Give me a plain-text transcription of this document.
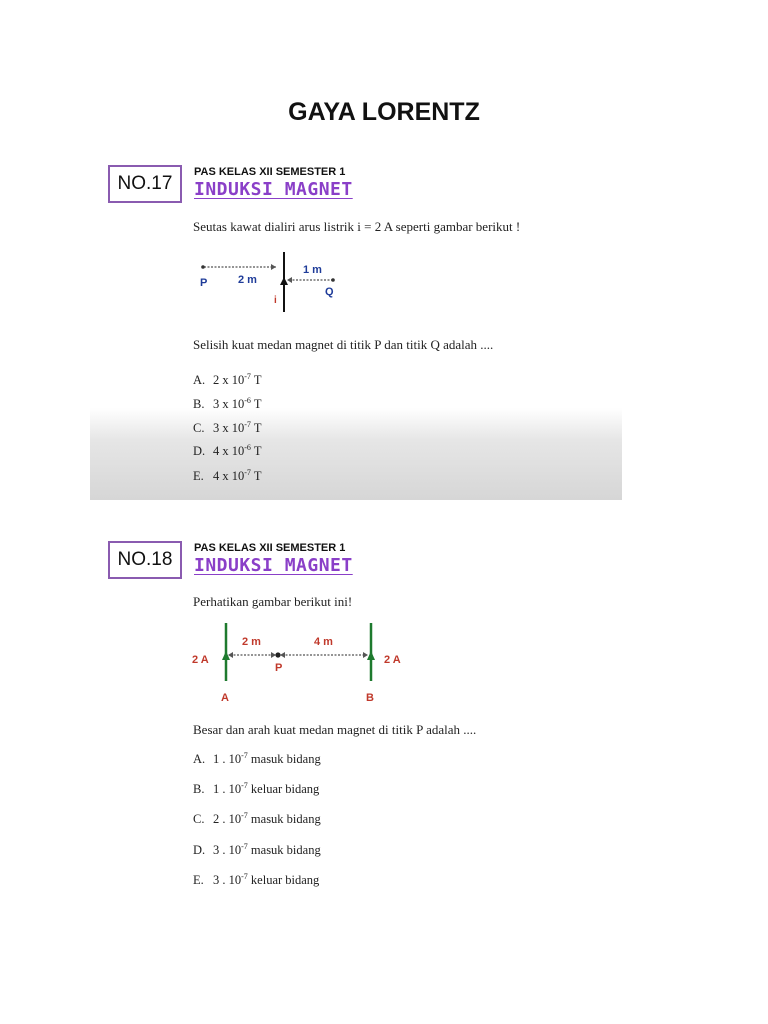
GAYA LORENTZ
NO.17
PAS KELAS XII SEMESTER 1
INDUKSI MAGNET
Seutas kawat dialiri arus listrik i = 2 A seperti gambar berikut !
2 m
1 m
P
Q
i
Selisih kuat medan magnet di titik P dan titik Q adalah ....
A. 2 x $10^{-7}$ T
B. 3 x $10^{-6}$ T
C. 3 x $10^{-7}$ T
D. 4 x $10^{-6}$ T
E. 4 x $10^{-7}$ T
NO.18
PAS KELAS XII SEMESTER 1
INDUKSI MAGNET
Perhatikan gambar berikut ini!
2 m	4 m
2 A	2 A
P
A	B
Besar dan arah kuat medan magnet di titik P adalah ....
A. 1 . $10^{-7}$ masuk bidang
B. 1 . $10^{-7}$ keluar bidang
C. 2 . $10^{-7}$ masuk bidang
D. 3 . $10^{-7}$ masuk bidang
E. 3 . $10^{-7}$ keluar bidang
